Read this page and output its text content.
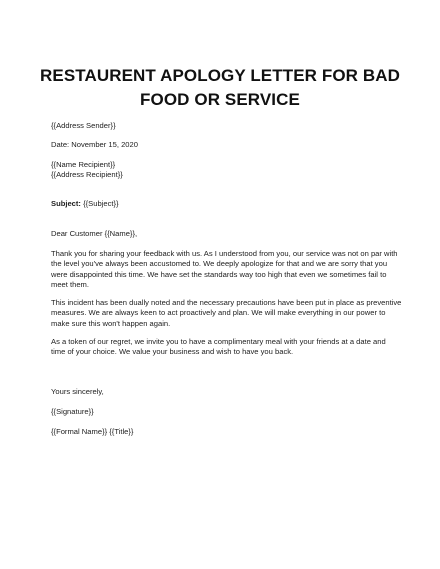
RESTAURENT APOLOGY LETTER FOR BAD
FOOD OR SERVICE
{{Address Sender}}
Date: November 15, 2020
{{Name Recipient}}
{{Address Recipient}}
Subject: {{Subject}}
Dear Customer {{Name}},
Thank you for sharing your feedback with us. As I understood from you, our service was not on par with
the level you've always been accustomed to. We deeply apologize for that and we are sorry that you
were disappointed this time. We have set the standards way too high that even we sometimes fail to
meet them.
This incident has been dually noted and the necessary precautions have been put in place as preventive
measures. We are always keen to act proactively and plan. We will make everything in our power to
make sure this won't happen again.
As a token of our regret, we invite you to have a complimentary meal with your friends at a date and
time of your choice. We value your business and wish to have you back.
Yours sincerely,
{{Signature}}
{{Formal Name}} {{Title}}
